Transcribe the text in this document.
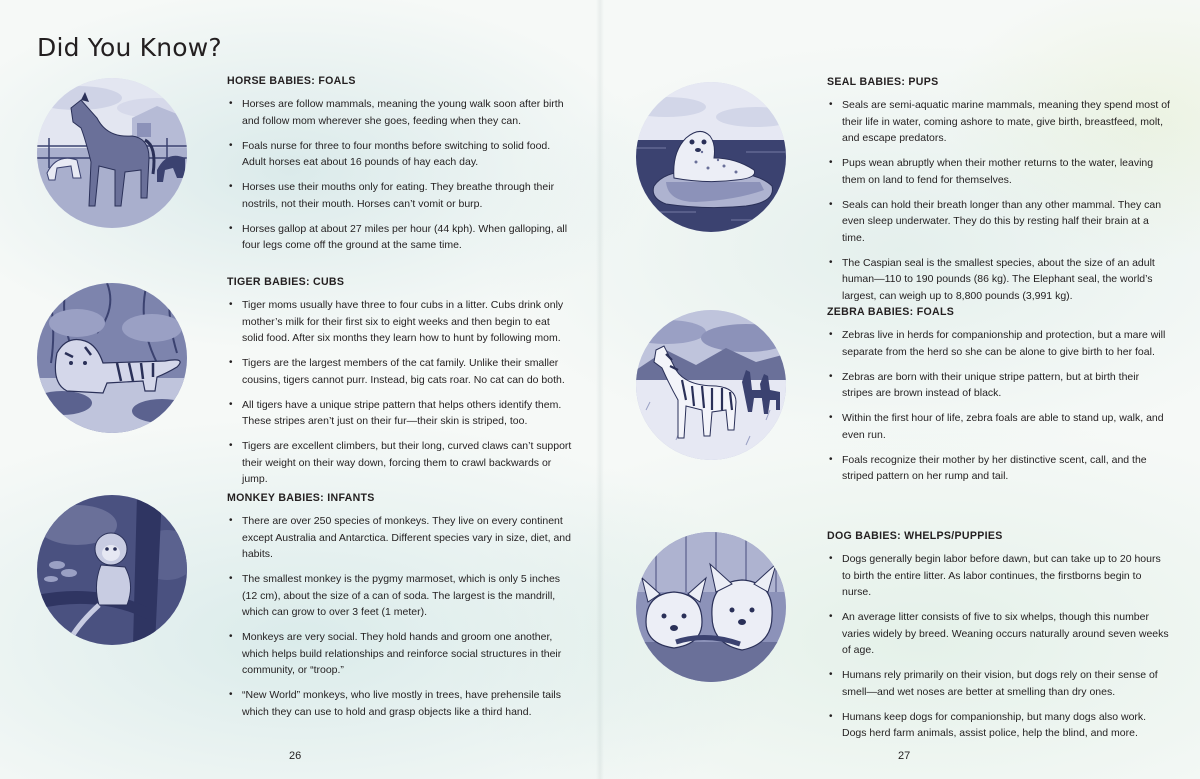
Did You Know?
HORSE BABIES: FOALS
• Horses are follow mammals, meaning the young walk soon after birth and follow mom wherever she goes, feeding when they can.
• Foals nurse for three to four months before switching to solid food. Adult horses eat about 16 pounds of hay each day.
• Horses use their mouths only for eating. They breathe through their nostrils, not their mouth. Horses can’t vomit or burp.
• Horses gallop at about 27 miles per hour (44 kph). When galloping, all four legs come off the ground at the same time.
TIGER BABIES: CUBS
• Tiger moms usually have three to four cubs in a litter. Cubs drink only mother’s milk for their first six to eight weeks and then begin to eat solid food. After six months they learn how to hunt by following mom.
• Tigers are the largest members of the cat family. Unlike their smaller cousins, tigers cannot purr. Instead, big cats roar. No cat can do both.
• All tigers have a unique stripe pattern that helps others identify them. These stripes aren’t just on their fur—their skin is striped, too.
• Tigers are excellent climbers, but their long, curved claws can’t support their weight on their way down, forcing them to crawl backwards or jump.
MONKEY BABIES: INFANTS
• There are over 250 species of monkeys. They live on every continent except Australia and Antarctica. Different species vary in size, diet, and habits.
• The smallest monkey is the pygmy marmoset, which is only 5 inches (12 cm), about the size of a can of soda. The largest is the mandrill, which can grow to over 3 feet (1 meter).
• Monkeys are very social. They hold hands and groom one another, which helps build relationships and reinforce social structures in their community, or “troop.”
• “New World” monkeys, who live mostly in trees, have prehensile tails which they can use to hold and grasp objects like a third hand.
26
SEAL BABIES: PUPS
• Seals are semi-aquatic marine mammals, meaning they spend most of their life in water, coming ashore to mate, give birth, breastfeed, molt, and escape predators.
• Pups wean abruptly when their mother returns to the water, leaving them on land to fend for themselves.
• Seals can hold their breath longer than any other mammal. They can even sleep underwater. They do this by resting half their brain at a time.
• The Caspian seal is the smallest species, about the size of an adult human—110 to 190 pounds (86 kg). The Elephant seal, the world’s largest, can weigh up to 8,800 pounds (3,991 kg).
ZEBRA BABIES: FOALS
• Zebras live in herds for companionship and protection, but a mare will separate from the herd so she can be alone to give birth to her foal.
• Zebras are born with their unique stripe pattern, but at birth their stripes are brown instead of black.
• Within the first hour of life, zebra foals are able to stand up, walk, and even run.
• Foals recognize their mother by her distinctive scent, call, and the striped pattern on her rump and tail.
DOG BABIES: WHELPS/PUPPIES
• Dogs generally begin labor before dawn, but can take up to 20 hours to birth the entire litter. As labor continues, the firstborns begin to nurse.
• An average litter consists of five to six whelps, though this number varies widely by breed. Weaning occurs naturally around seven weeks of age.
• Humans rely primarily on their vision, but dogs rely on their sense of smell—and wet noses are better at smelling than dry ones.
• Humans keep dogs for companionship, but many dogs also work. Dogs herd farm animals, assist police, help the blind, and more.
27
